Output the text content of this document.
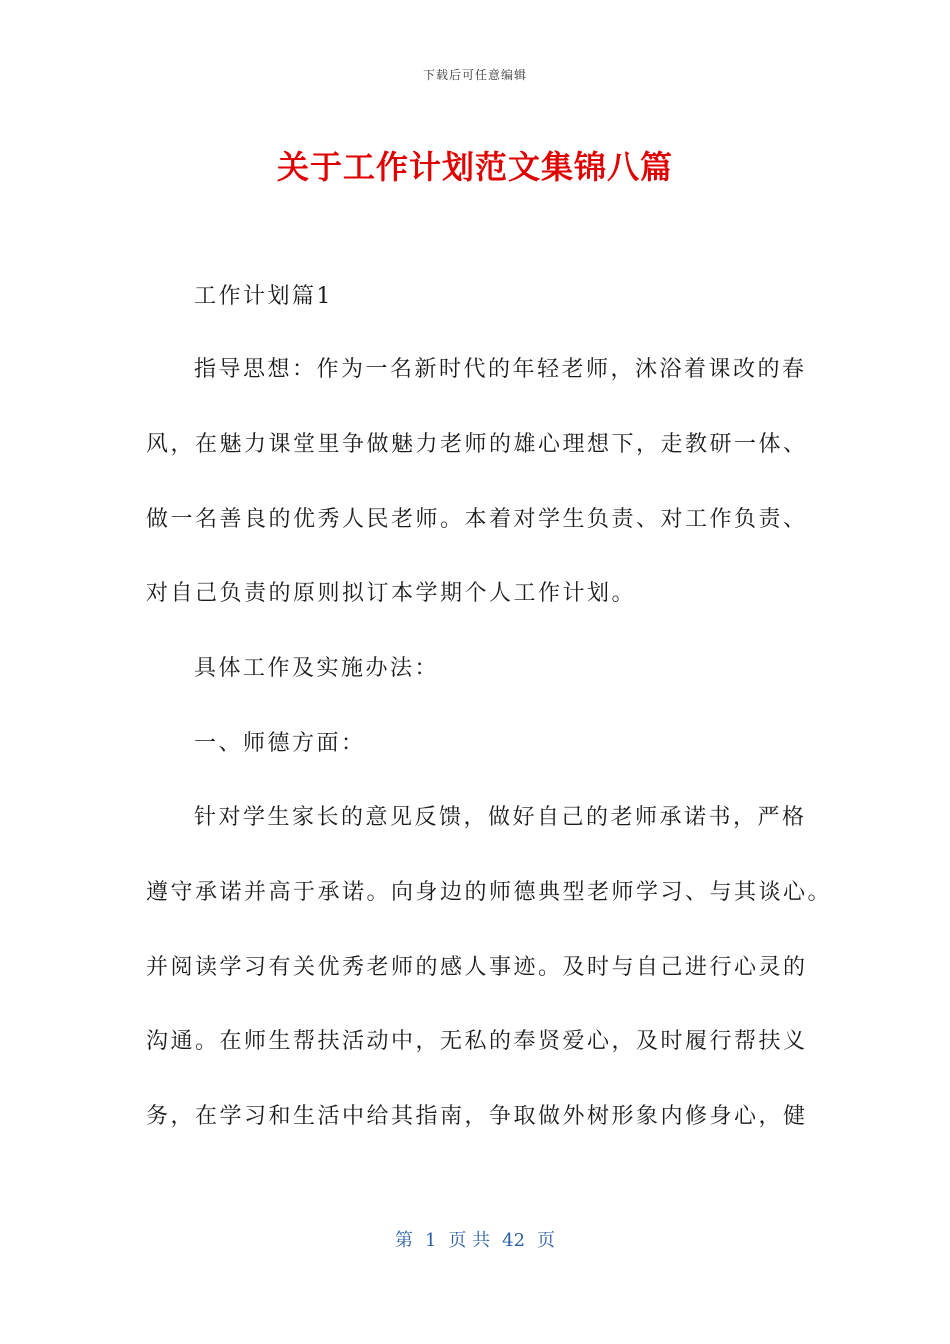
下载后可任意编辑
关于工作计划范文集锦八篇
工作计划篇1
指导思想：作为一名新时代的年轻老师，沐浴着课改的春
风，在魅力课堂里争做魅力老师的雄心理想下，走教研一体、
做一名善良的优秀人民老师。本着对学生负责、对工作负责、
对自己负责的原则拟订本学期个人工作计划。
具体工作及实施办法：
一、师德方面：
针对学生家长的意见反馈，做好自己的老师承诺书，严格
遵守承诺并高于承诺。向身边的师德典型老师学习、与其谈心。
并阅读学习有关优秀老师的感人事迹。及时与自己进行心灵的
沟通。在师生帮扶活动中，无私的奉贤爱心，及时履行帮扶义
务，在学习和生活中给其指南，争取做外树形象内修身心，健
第 1 页 共 42 页
